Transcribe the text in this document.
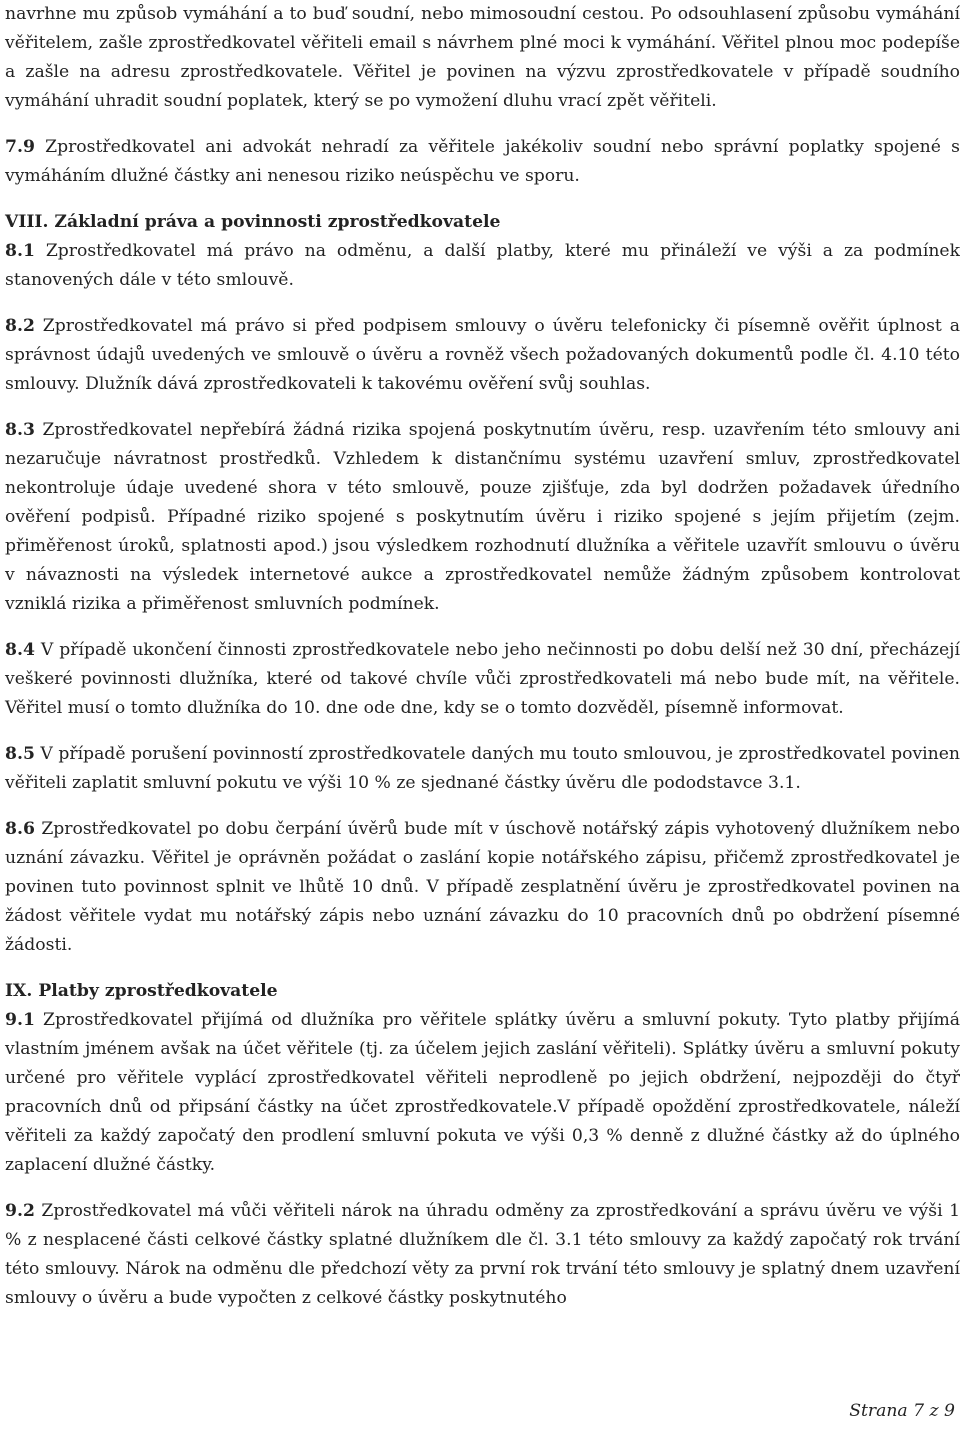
navrhne mu způsob vymáhání a to buď soudní, nebo mimosoudní cestou. Po odsouhlasení způsobu vymáhání věřitelem, zašle zprostředkovatel věřiteli email s návrhem plné moci k vymáhání. Věřitel plnou moc podepíše a zašle na adresu zprostředkovatele. Věřitel je povinen na výzvu zprostředkovatele v případě soudního vymáhání uhradit soudní poplatek, který se po vymožení dluhu vrací zpět věřiteli.

7.9 Zprostředkovatel ani advokát nehradí za věřitele jakékoliv soudní nebo správní poplatky spojené s vymáháním dlužné částky ani nenesou riziko neúspěchu ve sporu.

VIII. Základní práva a povinnosti zprostředkovatele

8.1 Zprostředkovatel má právo na odměnu, a další platby, které mu přináleží ve výši a za podmínek stanovených dále v této smlouvě.

8.2 Zprostředkovatel má právo si před podpisem smlouvy o úvěru telefonicky či písemně ověřit úplnost a správnost údajů uvedených ve smlouvě o úvěru a rovněž všech požadovaných dokumentů podle čl. 4.10 této smlouvy. Dlužník dává zprostředkovateli k takovému ověření svůj souhlas.

8.3 Zprostředkovatel nepřebírá žádná rizika spojená poskytnutím úvěru, resp. uzavřením této smlouvy ani nezaručuje návratnost prostředků. Vzhledem k distančnímu systému uzavření smluv, zprostředkovatel nekontroluje údaje uvedené shora v této smlouvě, pouze zjišťuje, zda byl dodržen požadavek úředního ověření podpisů. Případné riziko spojené s poskytnutím úvěru i riziko spojené s jejím přijetím (zejm. přiměřenost úroků, splatnosti apod.) jsou výsledkem rozhodnutí dlužníka a věřitele uzavřít smlouvu o úvěru v návaznosti na výsledek internetové aukce a zprostředkovatel nemůže žádným způsobem kontrolovat vzniklá rizika a přiměřenost smluvních podmínek.

8.4 V případě ukončení činnosti zprostředkovatele nebo jeho nečinnosti po dobu delší než 30 dní, přecházejí veškeré povinnosti dlužníka, které od takové chvíle vůči zprostředkovateli má nebo bude mít, na věřitele. Věřitel musí o tomto dlužníka do 10. dne ode dne, kdy se o tomto dozvěděl, písemně informovat.

8.5 V případě porušení povinností zprostředkovatele daných mu touto smlouvou, je zprostředkovatel povinen věřiteli zaplatit smluvní pokutu ve výši 10 % ze sjednané částky úvěru dle pododstavce 3.1.

8.6 Zprostředkovatel po dobu čerpání úvěrů bude mít v úschově notářský zápis vyhotovený dlužníkem nebo uznání závazku. Věřitel je oprávněn požádat o zaslání kopie notářského zápisu, přičemž zprostředkovatel je povinen tuto povinnost splnit ve lhůtě 10 dnů. V případě zesplatnění úvěru je zprostředkovatel povinen na žádost věřitele vydat mu notářský zápis nebo uznání závazku do 10 pracovních dnů po obdržení písemné žádosti.

IX. Platby zprostředkovatele

9.1 Zprostředkovatel přijímá od dlužníka pro věřitele splátky úvěru a smluvní pokuty. Tyto platby přijímá vlastním jménem avšak na účet věřitele (tj. za účelem jejich zaslání věřiteli). Splátky úvěru a smluvní pokuty určené pro věřitele vyplácí zprostředkovatel věřiteli neprodleně po jejich obdržení, nejpozději do čtyř pracovních dnů od připsání částky na účet zprostředkovatele.V případě opoždění zprostředkovatele, náleží věřiteli za každý započatý den prodlení smluvní pokuta ve výši 0,3 % denně z dlužné částky až do úplného zaplacení dlužné částky.

9.2 Zprostředkovatel má vůči věřiteli nárok na úhradu odměny za zprostředkování a správu úvěru ve výši 1 % z nesplacené části celkové částky splatné dlužníkem dle čl. 3.1 této smlouvy za každý započatý rok trvání této smlouvy. Nárok na odměnu dle předchozí věty za první rok trvání této smlouvy je splatný dnem uzavření smlouvy o úvěru a bude vypočten z celkové částky poskytnutého

Strana 7 z 9
